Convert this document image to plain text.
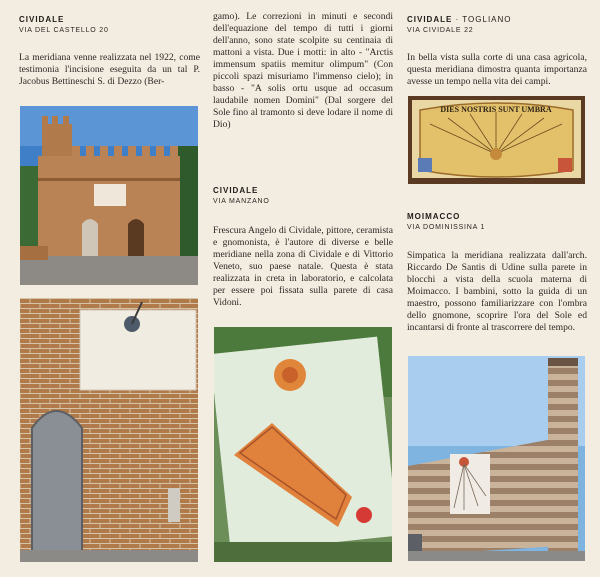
CIVIDALE
VIA DEL CASTELLO 20

La meridiana venne realizzata nel 1922, come testimonia l'incisione eseguita da un tal P. Jacobus Bettineschi S. di Dezzo (Ber-

gamo). Le correzioni in minuti e secondi dell'equazione del tempo di tutti i giorni dell'anno, sono state scolpite su centinaia di mattoni a vista. Due i motti: in alto - "Arctis immensum spatiis memitur olimpum" (Con piccoli spazi misuriamo l'immenso cielo); in basso - "A solis ortu usque ad occasum laudabile nomen Domini" (Dal sorgere del Sole fino al tramonto si deve lodare il nome di Dio)

CIVIDALE
VIA MANZANO

Frescura Angelo di Cividale, pittore, ceramista e gnomonista, è l'autore di diverse e belle meridiane nella zona di Cividale e di Vittorio Veneto, suo paese natale. Questa è stata realizzata in creta in laboratorio, e calcolata per essere poi fissata sulla parete di casa Vidoni.

CIVIDALE · TOGLIANO
VIA CIVIDALE 22

In bella vista sulla corte di una casa agricola, questa meridiana dimostra quanta importanza avesse un tempo nella vita dei campi.

MOIMACCO
VIA DOMINISSINA 1

Simpatica la meridiana realizzata dall'arch. Riccardo De Santis di Udine sulla parete in blocchi a vista della scuola materna di Moimacco. I bambini, sotto la guida di un maestro, possono familiarizzare con l'ombra dello gnomone, scoprire l'ora del Sole ed incantarsi di fronte al trascorrere del tempo.

DIES NOSTRIS SUNT UMBRA
